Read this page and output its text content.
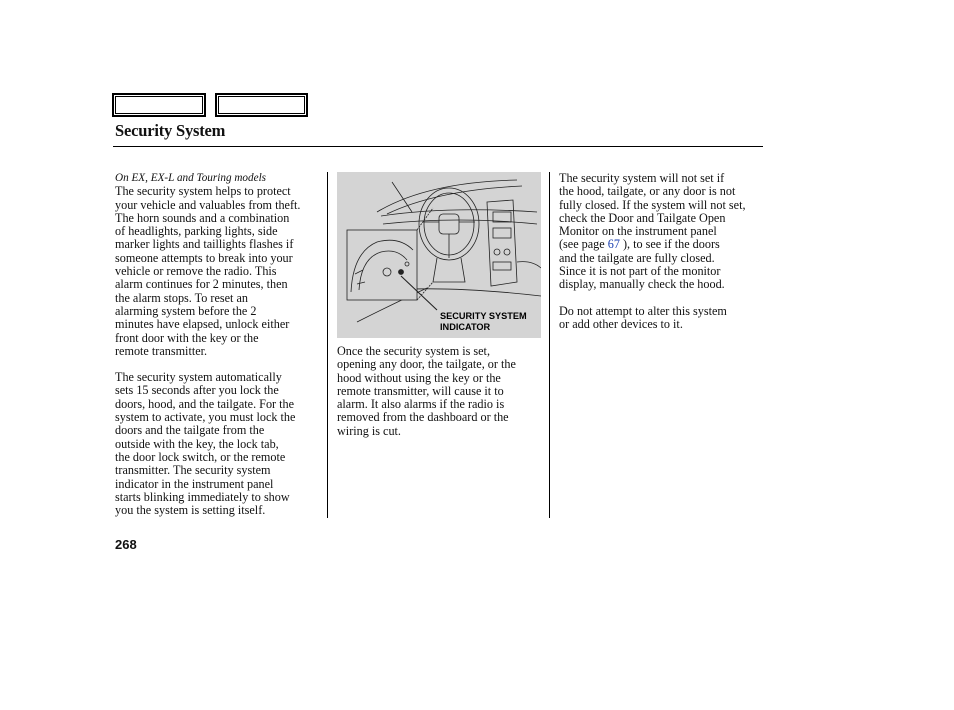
Security System
On EX, EX-L and Touring models
The security system helps to protect
your vehicle and valuables from theft.
The horn sounds and a combination
of headlights, parking lights, side
marker lights and taillights flashes if
someone attempts to break into your
vehicle or remove the radio. This
alarm continues for 2 minutes, then
the alarm stops. To reset an
alarming system before the 2
minutes have elapsed, unlock either
front door with the key or the
remote transmitter.
The security system automatically
sets 15 seconds after you lock the
doors, hood, and the tailgate. For the
system to activate, you must lock the
doors and the tailgate from the
outside with the key, the lock tab,
the door lock switch, or the remote
transmitter. The security system
indicator in the instrument panel
starts blinking immediately to show
you the system is setting itself.
SECURITY SYSTEM
INDICATOR
Once the security system is set,
opening any door, the tailgate, or the
hood without using the key or the
remote transmitter, will cause it to
alarm. It also alarms if the radio is
removed from the dashboard or the
wiring is cut.
The security system will not set if
the hood, tailgate, or any door is not
fully closed. If the system will not set,
check the Door and Tailgate Open
Monitor on the instrument panel
(see page 67 ), to see if the doors
and the tailgate are fully closed.
Since it is not part of the monitor
display, manually check the hood.
Do not attempt to alter this system
or add other devices to it.
268
